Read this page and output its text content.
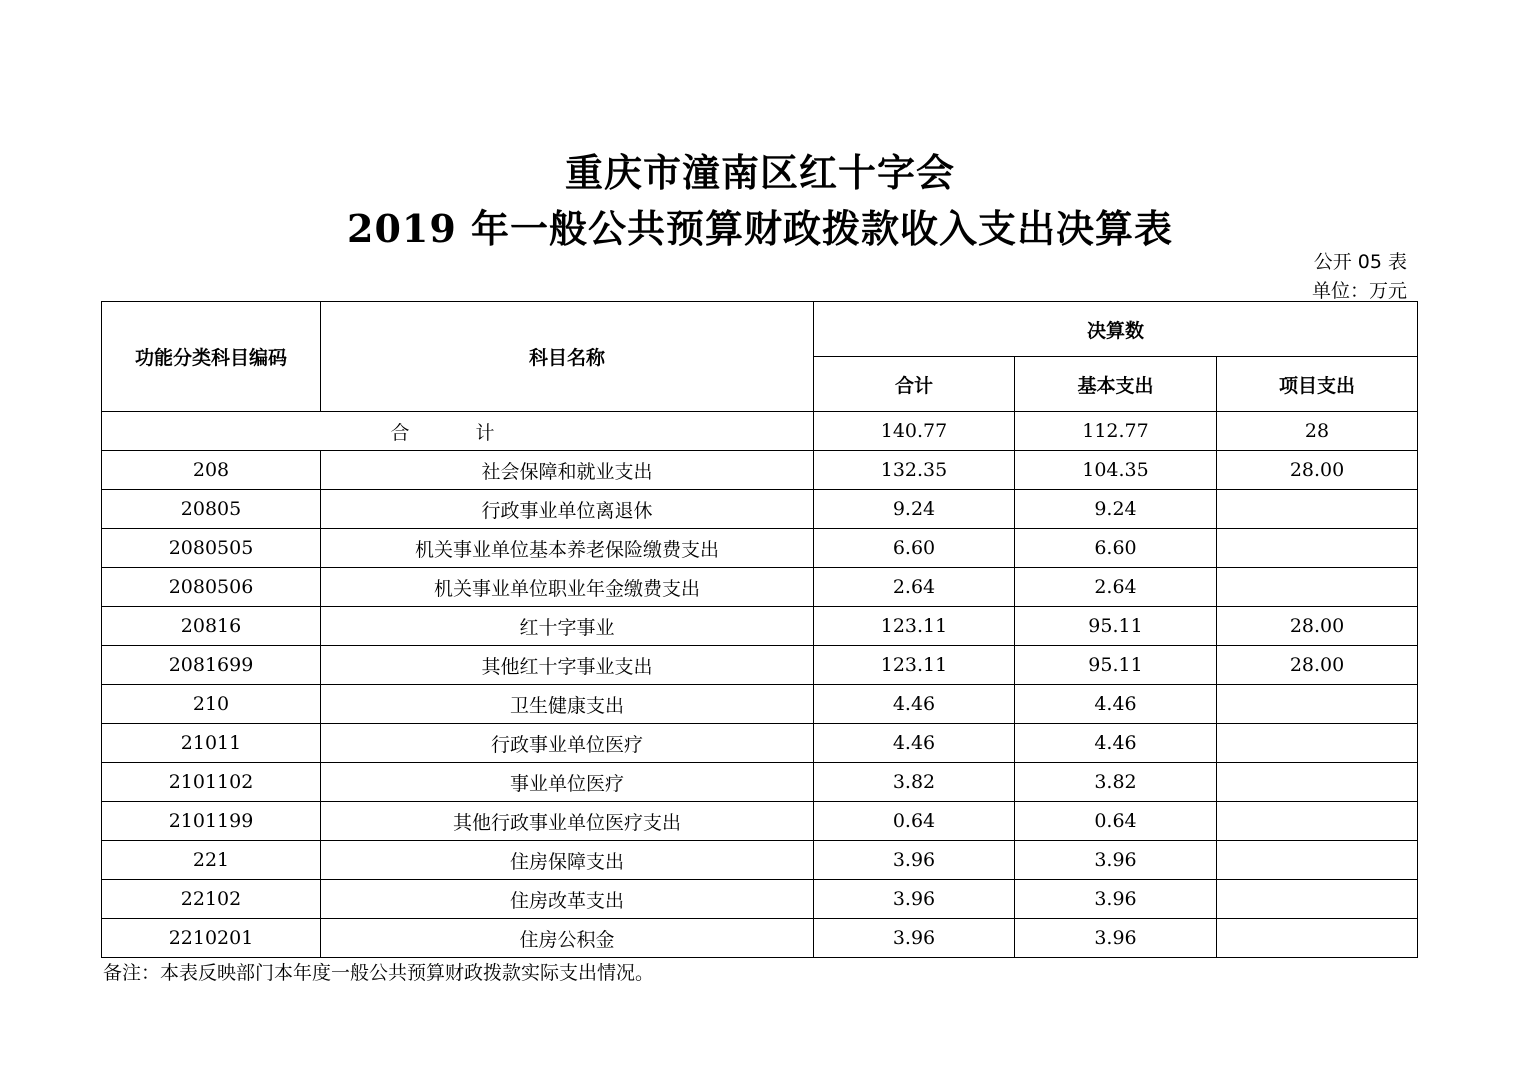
重庆市潼南区红十字会
2019 年一般公共预算财政拨款收入支出决算表
公开 05 表
单位：万元
功能分类科目编码	科目名称	决算数		
		合计	基本支出	项目支出
合 计		140.77	112.77	28
208	社会保障和就业支出	132.35	104.35	28.00
20805	行政事业单位离退休	9.24	9.24	
2080505	机关事业单位基本养老保险缴费支出	6.60	6.60	
2080506	机关事业单位职业年金缴费支出	2.64	2.64	
20816	红十字事业	123.11	95.11	28.00
2081699	其他红十字事业支出	123.11	95.11	28.00
210	卫生健康支出	4.46	4.46	
21011	行政事业单位医疗	4.46	4.46	
2101102	事业单位医疗	3.82	3.82	
2101199	其他行政事业单位医疗支出	0.64	0.64	
221	住房保障支出	3.96	3.96	
22102	住房改革支出	3.96	3.96	
2210201	住房公积金	3.96	3.96	
备注：本表反映部门本年度一般公共预算财政拨款实际支出情况。
